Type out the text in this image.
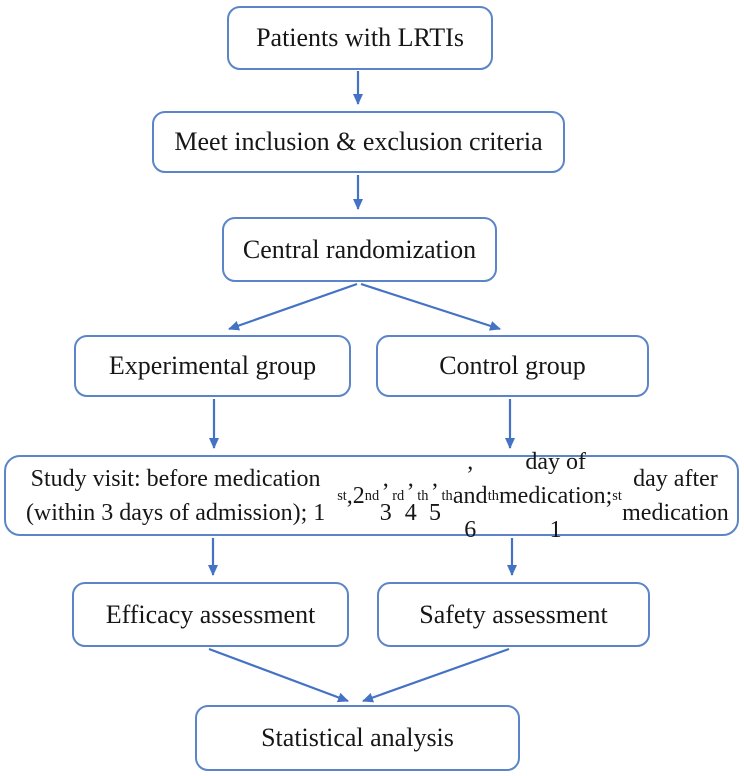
Patients with LRTIs
Meet inclusion & exclusion criteria
Central randomization
Experimental group	Control group
Study visit: before medication (within 3 days of admission); 1
st , 2 nd
, 3
rd
, 4
th
, 5
th
, and 6
th
day of medication; 1
st
day after medication
Efficacy assessment	Safety assessment
Statistical analysis
